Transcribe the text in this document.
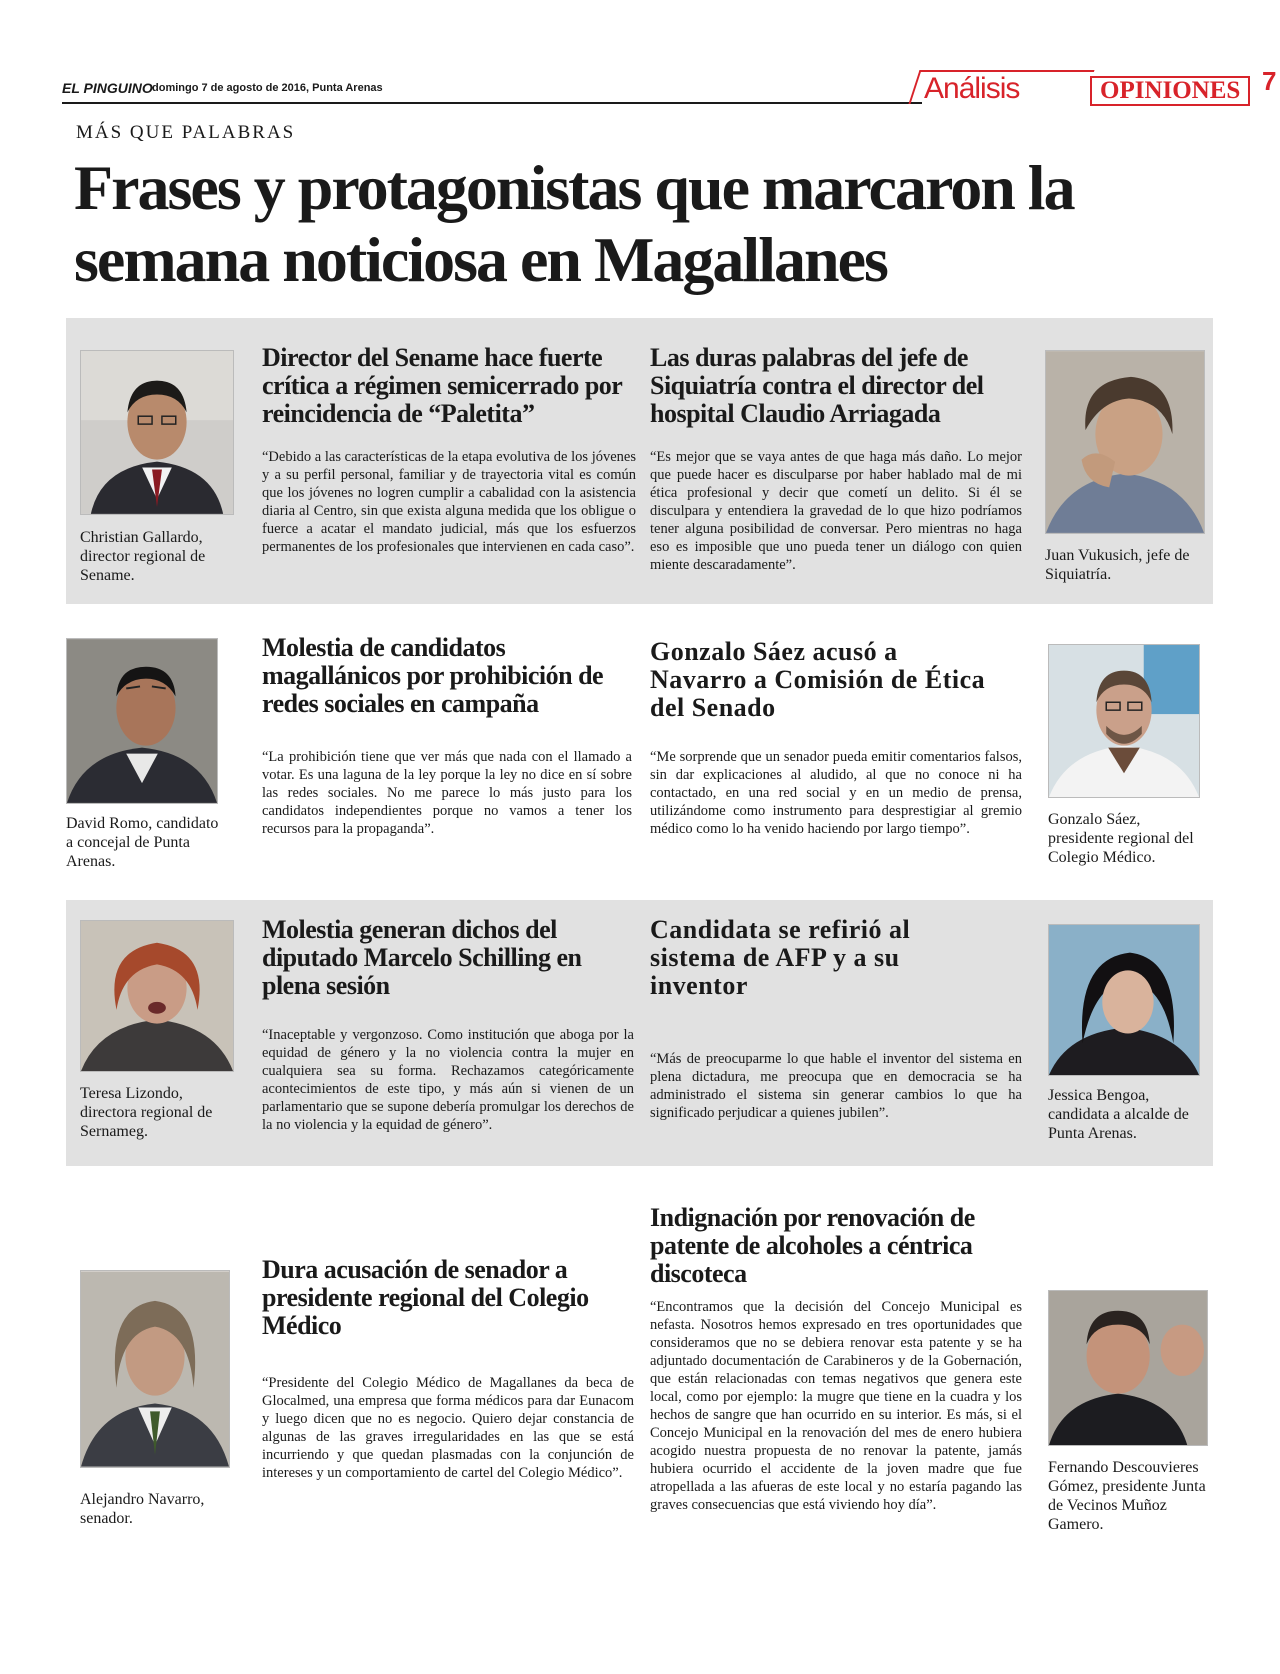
EL PINGUINO domingo 7 de agosto de 2016, Punta Arenas	Análisis	OPINIONES 7
MÁS QUE PALABRAS
Frases y protagonistas que marcaron la semana noticiosa en Magallanes
Christian Gallardo, director regional de Sename.
Director del Sename hace fuerte crítica a régimen semicerrado por reincidencia de “Paletita”

“Debido a las características de la etapa evolutiva de los jóvenes y a su perfil personal, familiar y de trayectoria vital es común que los jóvenes no logren cumplir a cabalidad con la asistencia diaria al Centro, sin que exista alguna medida que los obligue o fuerce a acatar el mandato judicial, más que los esfuerzos permanentes de los profesionales que intervienen en cada caso”.

Las duras palabras del jefe de Siquiatría contra el director del hospital Claudio Arriagada

“Es mejor que se vaya antes de que haga más daño. Lo mejor que puede hacer es disculparse por haber hablado mal de mi ética profesional y decir que cometí un delito. Si él se disculpara y entendiera la gravedad de lo que hizo podríamos tener alguna posibilidad de conversar. Pero mientras no haga eso es imposible que uno pueda tener un diálogo con quien miente descaradamente”.

Juan Vukusich, jefe de Siquiatría.
David Romo, candidato a concejal de Punta Arenas.
Molestia de candidatos magallánicos por prohibición de redes sociales en campaña

“La prohibición tiene que ver más que nada con el llamado a votar. Es una laguna de la ley porque la ley no dice en sí sobre las redes sociales. No me parece lo más justo para los candidatos independientes porque no vamos a tener los recursos para la propaganda”.

Gonzalo Sáez acusó a Navarro a Comisión de Ética del Senado

“Me sorprende que un senador pueda emitir comentarios falsos, sin dar explicaciones al aludido, al que no conoce ni ha contactado, en una red social y en un medio de prensa, utilizándome como instrumento para desprestigiar al gremio médico como lo ha venido haciendo por largo tiempo”.

Gonzalo Sáez, presidente regional del Colegio Médico.
Teresa Lizondo, directora regional de Sernameg.
Molestia generan dichos del diputado Marcelo Schilling en plena sesión

“Inaceptable y vergonzoso. Como institución que aboga por la equidad de género y la no violencia contra la mujer en cualquiera sea su forma. Rechazamos categóricamente acontecimientos de este tipo, y más aún si vienen de un parlamentario que se supone debería promulgar los derechos de la no violencia y la equidad de género”.

Candidata se refirió al sistema de AFP y a su inventor

“Más de preocuparme lo que hable el inventor del sistema en plena dictadura, me preocupa que en democracia se ha administrado el sistema sin generar cambios lo que ha significado perjudicar a quienes jubilen”.

Jessica Bengoa, candidata a alcalde de Punta Arenas.
Alejandro Navarro, senador.
Dura acusación de senador a presidente regional del Colegio Médico

“Presidente del Colegio Médico de Magallanes da beca de Glocalmed, una empresa que forma médicos para dar Eunacom y luego dicen que no es negocio. Quiero dejar constancia de algunas de las graves irregularidades en las que se está incurriendo y que quedan plasmadas con la conjunción de intereses y un comportamiento de cartel del Colegio Médico”.

Indignación por renovación de patente de alcoholes a céntrica discoteca

“Encontramos que la decisión del Concejo Municipal es nefasta. Nosotros hemos expresado en tres oportunidades que consideramos que no se debiera renovar esta patente y se ha adjuntado documentación de Carabineros y de la Gobernación, que están relacionadas con temas negativos que genera este local, como por ejemplo: la mugre que tiene en la cuadra y los hechos de sangre que han ocurrido en su interior. Es más, si el Concejo Municipal en la renovación del mes de enero hubiera acogido nuestra propuesta de no renovar la patente, jamás hubiera ocurrido el accidente de la joven madre que fue atropellada a las afueras de este local y no estaría pagando las graves consecuencias que está viviendo hoy día”.

Fernando Descouvieres Gómez, presidente Junta de Vecinos Muñoz Gamero.
